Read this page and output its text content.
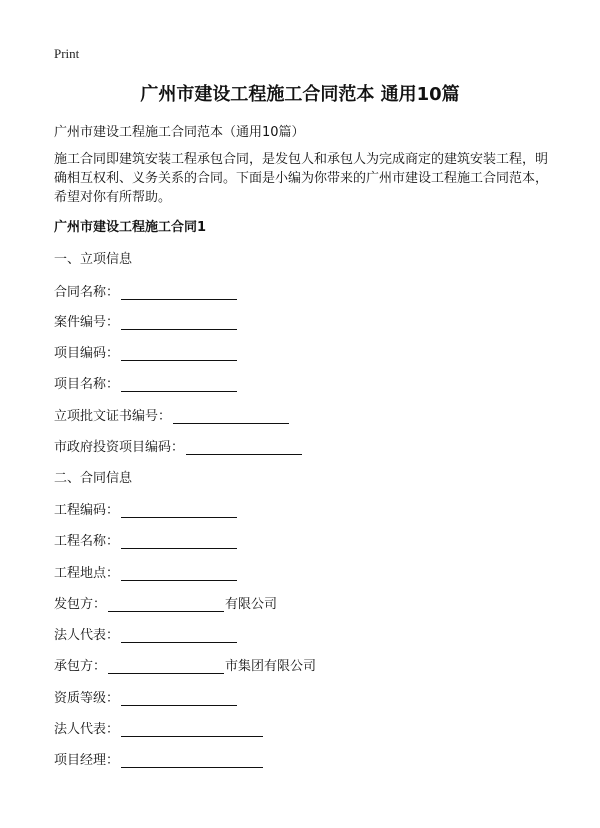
Print
广州市建设工程施工合同范本 通用10篇
广州市建设工程施工合同范本（通用10篇）
施工合同即建筑安装工程承包合同，是发包人和承包人为完成商定的建筑安装工程，明确相互权利、义务关系的合同。下面是小编为你带来的广州市建设工程施工合同范本，希望对你有所帮助。
广州市建设工程施工合同1
一、立项信息
合同名称：
案件编号：
项目编码：
项目名称：
立项批文证书编号：
市政府投资项目编码：
二、合同信息
工程编码：
工程名称：
工程地点：
发包方：	有限公司
法人代表：
承包方：	市集团有限公司
资质等级：
法人代表：
项目经理：
